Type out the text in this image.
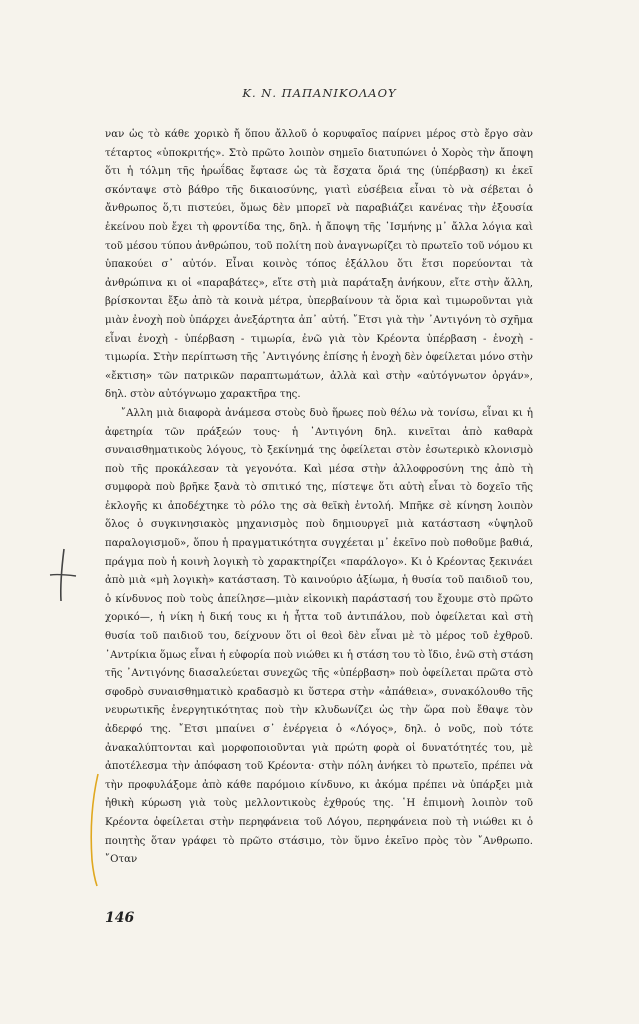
Κ. Ν. ΠΑΠΑΝΙΚΟΛΑΟΥ

ναν ὡς τὸ κάθε χορικὸ ἤ ὅπου ἄλλοῦ ὁ κορυφαῖος παίρνει μέρος στὸ ἔργο σὰν τέταρτος «ὑποκριτής». Στὸ πρῶτο λοιπὸν σημεῖο διατυπώνει ὁ Χορὸς τὴν ἄποψη ὅτι ἡ τόλμη τῆς ἡρωΐδας ἔφτασε ὡς τὰ ἔσχατα ὅριά της (ὑπέρβαση) κι ἐκεῖ σκόνταψε στὸ βάθρο τῆς δικαιοσύνης, γιατὶ εὐσέβεια εἶναι τὸ νὰ σέβεται ὁ ἄνθρωπος ὅ,τι πιστεύει, ὅμως δὲν μπορεῖ νὰ παραβιάζει κανένας τὴν ἐξουσία ἐκείνου ποὺ ἔχει τὴ φροντίδα της, δηλ. ἡ ἄποψη τῆς ᾿Ισμήνης μ᾿ ἄλλα λόγια καὶ τοῦ μέσου τύπου ἀνθρώπου, τοῦ πολίτη ποὺ ἀναγνωρίζει τὸ πρωτεῖο τοῦ νόμου κι ὑπακούει σ᾿ αὐτόν. Εἶναι κοινὸς τόπος ἐξάλλου ὅτι ἔτσι πορεύονται τὰ ἀνθρώπινα κι οἱ «παραβάτες», εἴτε στὴ μιὰ παράταξη ἀνήκουν, εἴτε στὴν ἄλλη, βρίσκονται ἔξω ἀπὸ τὰ κοινὰ μέτρα, ὑπερβαίνουν τὰ ὅρια καὶ τιμωροῦνται γιὰ μιὰν ἐνοχὴ ποὺ ὑπάρχει ἀνεξάρτητα ἀπ᾿ αὐτή. ῎Ετσι γιὰ τὴν ᾿Αντιγόνη τὸ σχῆμα εἶναι ἐνοχὴ - ὑπέρβαση - τιμωρία, ἐνῶ γιὰ τὸν Κρέοντα ὑπέρβαση - ἐνοχὴ - τιμωρία. Στὴν περίπτωση τῆς ᾿Αντιγόνης ἐπίσης ἡ ἐνοχὴ δὲν ὀφείλεται μόνο στὴν «ἔκτιση» τῶν πατρικῶν παραπτωμάτων, ἀλλὰ καὶ στὴν «αὐτόγνωτον ὀργάν», δηλ. στὸν αὐτόγνωμο χαρακτῆρα της.

῎Αλλη μιὰ διαφορὰ ἀνάμεσα στοὺς δυὸ ἥρωες ποὺ θέλω νὰ τονίσω, εἶναι κι ἡ ἀφετηρία τῶν πράξεών τους· ἡ ᾿Αντιγόνη δηλ. κινεῖται ἀπὸ καθαρὰ συναισθηματικοὺς λόγους, τὸ ξεκίνημά της ὀφείλεται στὸν ἐσωτερικὸ κλονισμὸ ποὺ τῆς προκάλεσαν τὰ γεγονότα. Καὶ μέσα στὴν ἀλλοφροσύνη της ἀπὸ τὴ συμφορὰ ποὺ βρῆκε ξανὰ τὸ σπιτικό της, πίστεψε ὅτι αὐτὴ εἶναι τὸ δοχεῖο τῆς ἐκλογῆς κι ἀποδέχτηκε τὸ ρόλο της σὰ θεϊκὴ ἐντολή. Μπῆκε σὲ κίνηση λοιπὸν ὅλος ὁ συγκινησιακὸς μηχανισμὸς ποὺ δημιουργεῖ μιὰ κατάσταση «ὑψηλοῦ παραλογισμοῦ», ὅπου ἡ πραγματικότητα συγχέεται μ᾿ ἐκεῖνο ποὺ ποθοῦμε βαθιά, πράγμα ποὺ ἡ κοινὴ λογικὴ τὸ χαρακτηρίζει «παράλογο». Κι ὁ Κρέοντας ξεκινάει ἀπὸ μιὰ «μὴ λογικὴ» κατάσταση. Τὸ καινούριο ἀξίωμα, ἡ θυσία τοῦ παιδιοῦ του, ὁ κίνδυνος ποὺ τοὺς ἀπείλησε—μιὰν εἰκονικὴ παράστασή του ἔχουμε στὸ πρῶτο χορικό—, ἡ νίκη ἡ δική τους κι ἡ ἧττα τοῦ ἀντιπάλου, ποὺ ὀφείλεται καὶ στὴ θυσία τοῦ παιδιοῦ του, δείχνουν ὅτι οἱ θεοὶ δὲν εἶναι μὲ τὸ μέρος τοῦ ἐχθροῦ. ᾿Αντρίκια ὅμως εἶναι ἡ εὐφορία ποὺ νιώθει κι ἡ στάση του τὸ ἴδιο, ἐνῶ στὴ στάση τῆς ᾿Αντιγόνης διασαλεύεται συνεχῶς τῆς «ὑπέρβαση» ποὺ ὀφείλεται πρῶτα στὸ σφοδρὸ συναισθηματικὸ κραδασμὸ κι ὕστερα στὴν «ἀπάθεια», συνακόλουθο τῆς νευρωτικῆς ἐνεργητικότητας ποὺ τὴν κλυδωνίζει ὡς τὴν ὥρα ποὺ ἔθαψε τὸν ἀδερφό της. ῎Ετσι μπαίνει σ᾿ ἐνέργεια ὁ «Λόγος», δηλ. ὁ νοῦς, ποὺ τότε ἀνακαλύπτονται καὶ μορφοποιοῦνται γιὰ πρώτη φορὰ οἱ δυνατότητές του, μὲ ἀποτέλεσμα τὴν ἀπόφαση τοῦ Κρέοντα· στὴν πόλη ἀνήκει τὸ πρωτεῖο, πρέπει νὰ τὴν προφυλάξομε ἀπὸ κάθε παρόμοιο κίνδυνο, κι ἀκόμα πρέπει νὰ ὑπάρξει μιὰ ἠθικὴ κύρωση γιὰ τοὺς μελλοντικοὺς ἐχθρούς της. ῾Η ἐπιμονὴ λοιπὸν τοῦ Κρέοντα ὀφείλεται στὴν περηφάνεια τοῦ Λόγου, περηφάνεια ποὺ τὴ νιώθει κι ὁ ποιητὴς ὅταν γράφει τὸ πρῶτο στάσιμο, τὸν ὕμνο ἐκεῖνο πρὸς τὸν ῎Ανθρωπο. ῎Οταν

146
